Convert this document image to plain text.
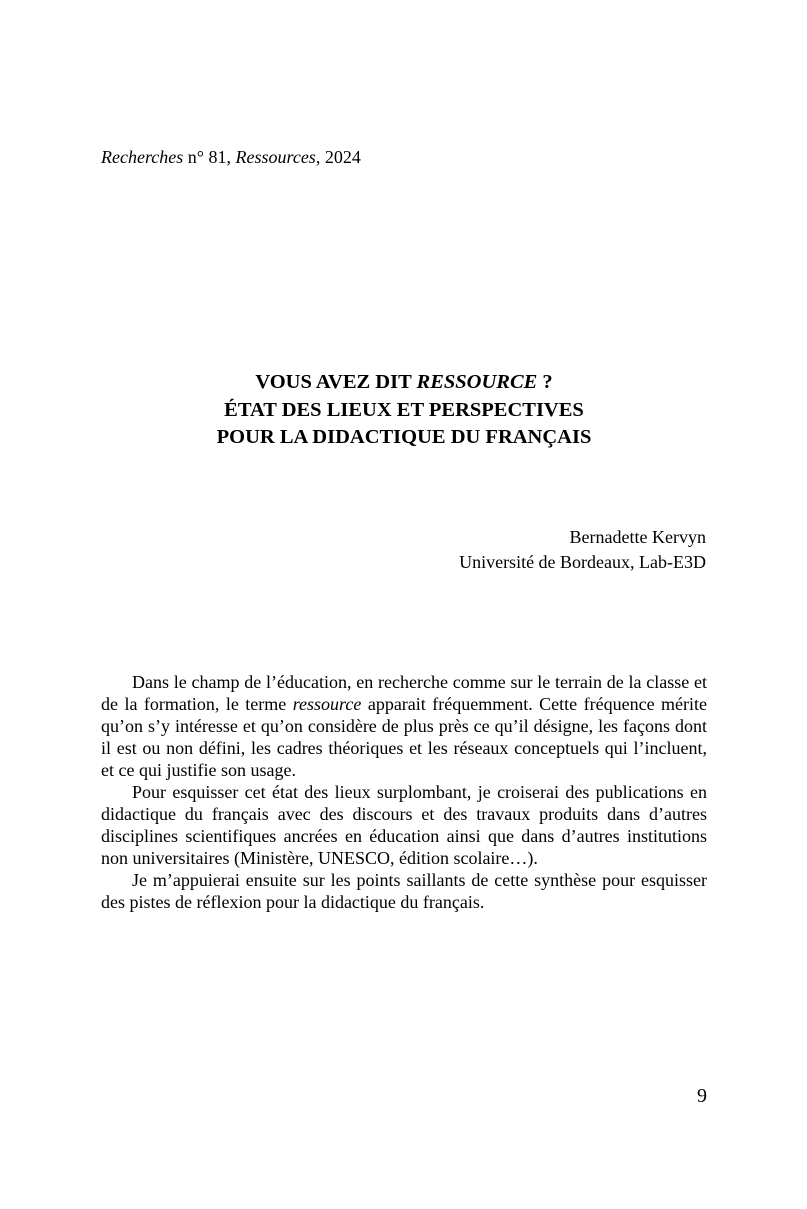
Recherches n° 81, Ressources, 2024
VOUS AVEZ DIT RESSOURCE ?
ÉTAT DES LIEUX ET PERSPECTIVES
POUR LA DIDACTIQUE DU FRANÇAIS
Bernadette Kervyn
Université de Bordeaux, Lab-E3D

Dans le champ de l’éducation, en recherche comme sur le terrain de la classe et de la formation, le terme ressource apparait fréquemment. Cette fréquence mérite qu’on s’y intéresse et qu’on considère de plus près ce qu’il désigne, les façons dont il est ou non défini, les cadres théoriques et les réseaux conceptuels qui l’incluent, et ce qui justifie son usage.

Pour esquisser cet état des lieux surplombant, je croiserai des publications en didactique du français avec des discours et des travaux produits dans d’autres disciplines scientifiques ancrées en éducation ainsi que dans d’autres institutions non universitaires (Ministère, UNESCO, édition scolaire…).

Je m’appuierai ensuite sur les points saillants de cette synthèse pour esquisser des pistes de réflexion pour la didactique du français.

9
